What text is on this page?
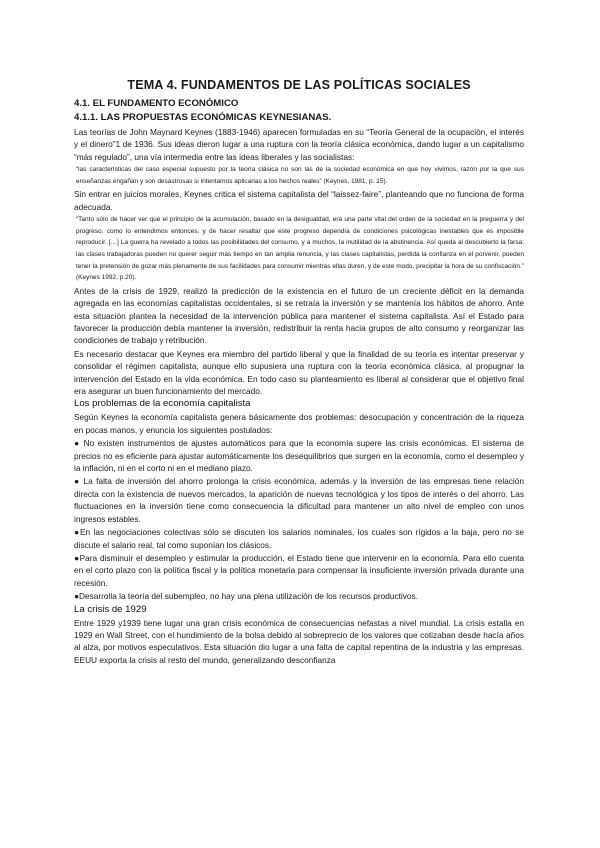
TEMA 4. FUNDAMENTOS DE LAS POLÍTICAS SOCIALES
4.1. EL FUNDAMENTO ECONÓMICO
4.1.1. LAS PROPUESTAS ECONÓMICAS KEYNESIANAS.

Las teorías de John Maynard Keynes (1883-1946) aparecen formuladas en su “Teoría General de la ocupación, el interés y el dinero”1 de 1936. Sus ideas dieron lugar a una ruptura con la teoría clásica económica, dando lugar a un capitalismo “más regulado”, una vía intermedia entre las ideas liberales y las socialistas:

“las características del caso especial supuesto por la teoría clásica no son las de la sociedad económica en que hoy vivimos, razón por la que sus enseñanzas engañan y son desastrosas si intentamos aplicarlas a los hechos reales” (Keynes, 1981, p. 15).

Sin entrar en juicios morales, Keynes critica el sistema capitalista del “laissez-faire”, planteando que no funciona de forma adecuada.

“Tanto sólo de hacer ver que el principio de la acumulación, basado en la desigualdad, era una parte vital del orden de la sociedad en la preguerra y del progreso, como lo entendimos entonces, y de hacer resaltar que este progreso dependía de condiciones psicológicas inestables que es imposible reproducir. […] La guerra ha revelado a todos las posibilidades del consumo, y a muchos, la inutilidad de la abstinencia. Así queda al descubierto la farsa; las clases trabajadoras pueden no querer seguir más tiempo en tan amplia renuncia, y las clases capitalistas, perdida la confianza en el porvenir, pueden tener la pretensión de gozar más plenamente de sus facilidades para consumir mientras ellas duren, y de este modo, precipitar la hora de su confiscación.” (Keynes 1992, p.20).

Antes de la crisis de 1929, realizó la predicción de la existencia en el futuro de un creciente déficit en la demanda agregada en las economías capitalistas occidentales, si se retraía la inversión y se mantenía los hábitos de ahorro. Ante esta situación plantea la necesidad de la intervención pública para mantener el sistema capitalista. Así el Estado para favorecer la producción debía mantener la inversión, redistribuir la renta hacia grupos de alto consumo y reorganizar las condiciones de trabajo y retribución.

Es necesario destacar que Keynes era miembro del partido liberal y que la finalidad de su teoría es intentar preservar y consolidar el régimen capitalista, aunque ello supusiera una ruptura con la teoría económica clásica, al propugnar la intervención del Estado en la vida económica. En todo caso su planteamiento es liberal al considerar que el objetivo final era asegurar un buen funcionamiento del mercado.

Los problemas de la economía capitalista

Según Keynes la economía capitalista genera básicamente dos problemas: desocupación y concentración de la riqueza en pocas manos, y enuncia los siguientes postulados:

● No existen instrumentos de ajustes automáticos para que la economía supere las crisis económicas. El sistema de precios no es eficiente para ajustar automáticamente los desequilibrios que surgen en la economía, como el desempleo y la inflación, ni en el corto ni en el mediano plazo.

● La falta de inversión del ahorro prolonga la crisis económica, además y la inversión de las empresas tiene relación directa con la existencia de nuevos mercados, la aparición de nuevas tecnológica y los tipos de interés o del ahorro. Las fluctuaciones en la inversión tiene como consecuencia la dificultad para mantener un alto nivel de empleo con unos ingresos estables.

●En las negociaciones colectivas sólo se discuten los salarios nominales, los cuales son rígidos a la baja, pero no se discute el salario real, tal como suponían los clásicos.

●Para disminuir el desempleo y estimular la producción, el Estado tiene que intervenir en la economía. Para ello cuenta en el corto plazo con la política fiscal y la política monetaria para compensar la insuficiente inversión privada durante una recesión.

●Desarrolla la teoría del subempleo, no hay una plena utilización de los recursos productivos.

La crisis de 1929

Entre 1929 y1939 tiene lugar una gran crisis económica de consecuencias nefastas a nivel mundial. La crisis estalla en 1929 en Wall Street, con el hundimiento de la bolsa debido al sobreprecio de los valores que cotizaban desde hacía años al alza, por motivos especulativos. Esta situación dio lugar a una falta de capital repentina de la industria y las empresas. EEUU exporta la crisis al resto del mundo, generalizando desconfianza
